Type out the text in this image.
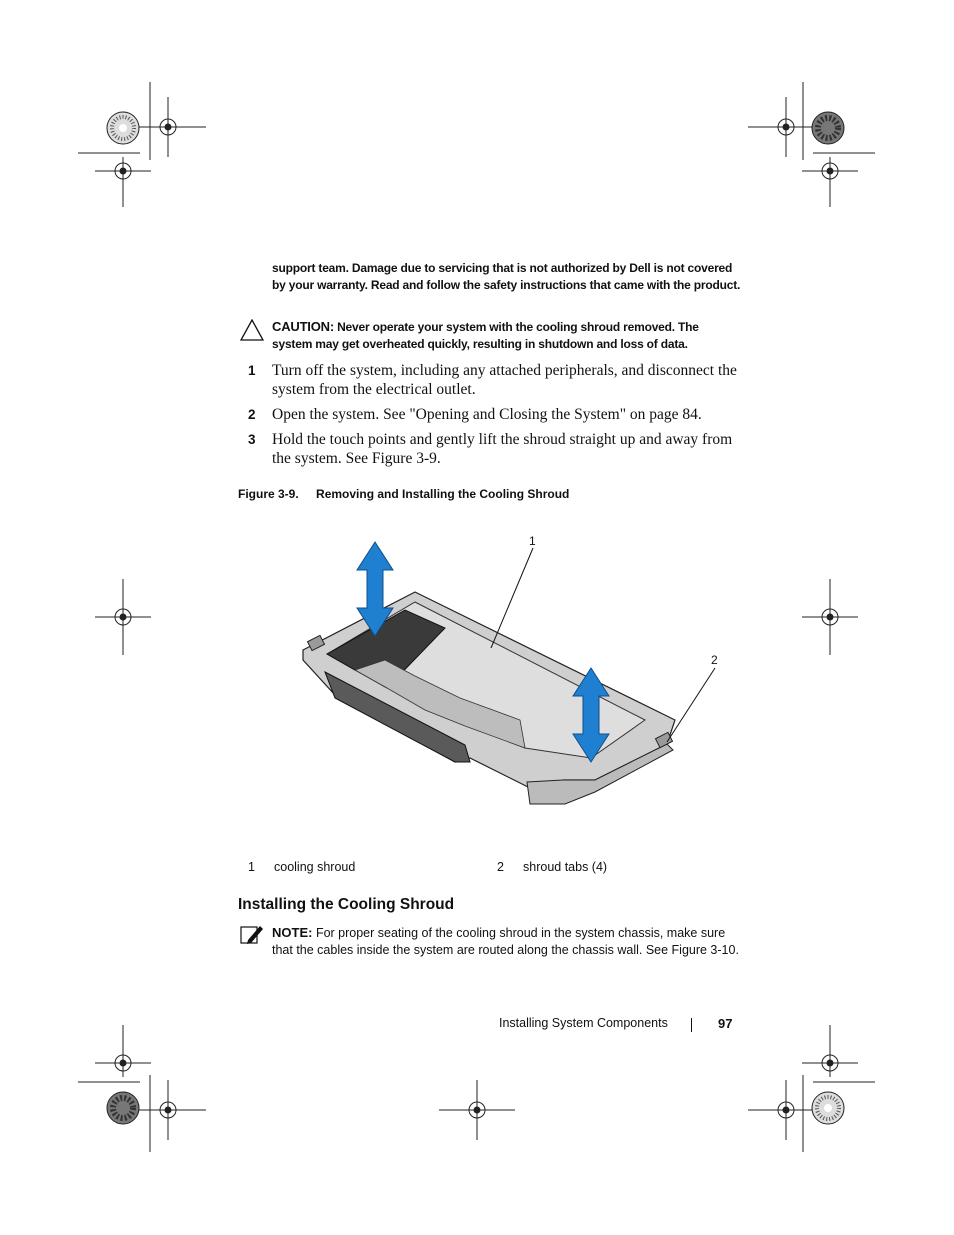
support team. Damage due to servicing that is not authorized by Dell is not covered by your warranty. Read and follow the safety instructions that came with the product.
CAUTION: Never operate your system with the cooling shroud removed. The system may get overheated quickly, resulting in shutdown and loss of data.
1 Turn off the system, including any attached peripherals, and disconnect the system from the electrical outlet.
2 Open the system. See "Opening and Closing the System" on page 84.
3 Hold the touch points and gently lift the shroud straight up and away from the system. See Figure 3-9.
Figure 3-9. Removing and Installing the Cooling Shroud
1
2
1 cooling shroud	2 shroud tabs (4)
Installing the Cooling Shroud
NOTE: For proper seating of the cooling shroud in the system chassis, make sure that the cables inside the system are routed along the chassis wall. See Figure 3-10.
Installing System Components	97
